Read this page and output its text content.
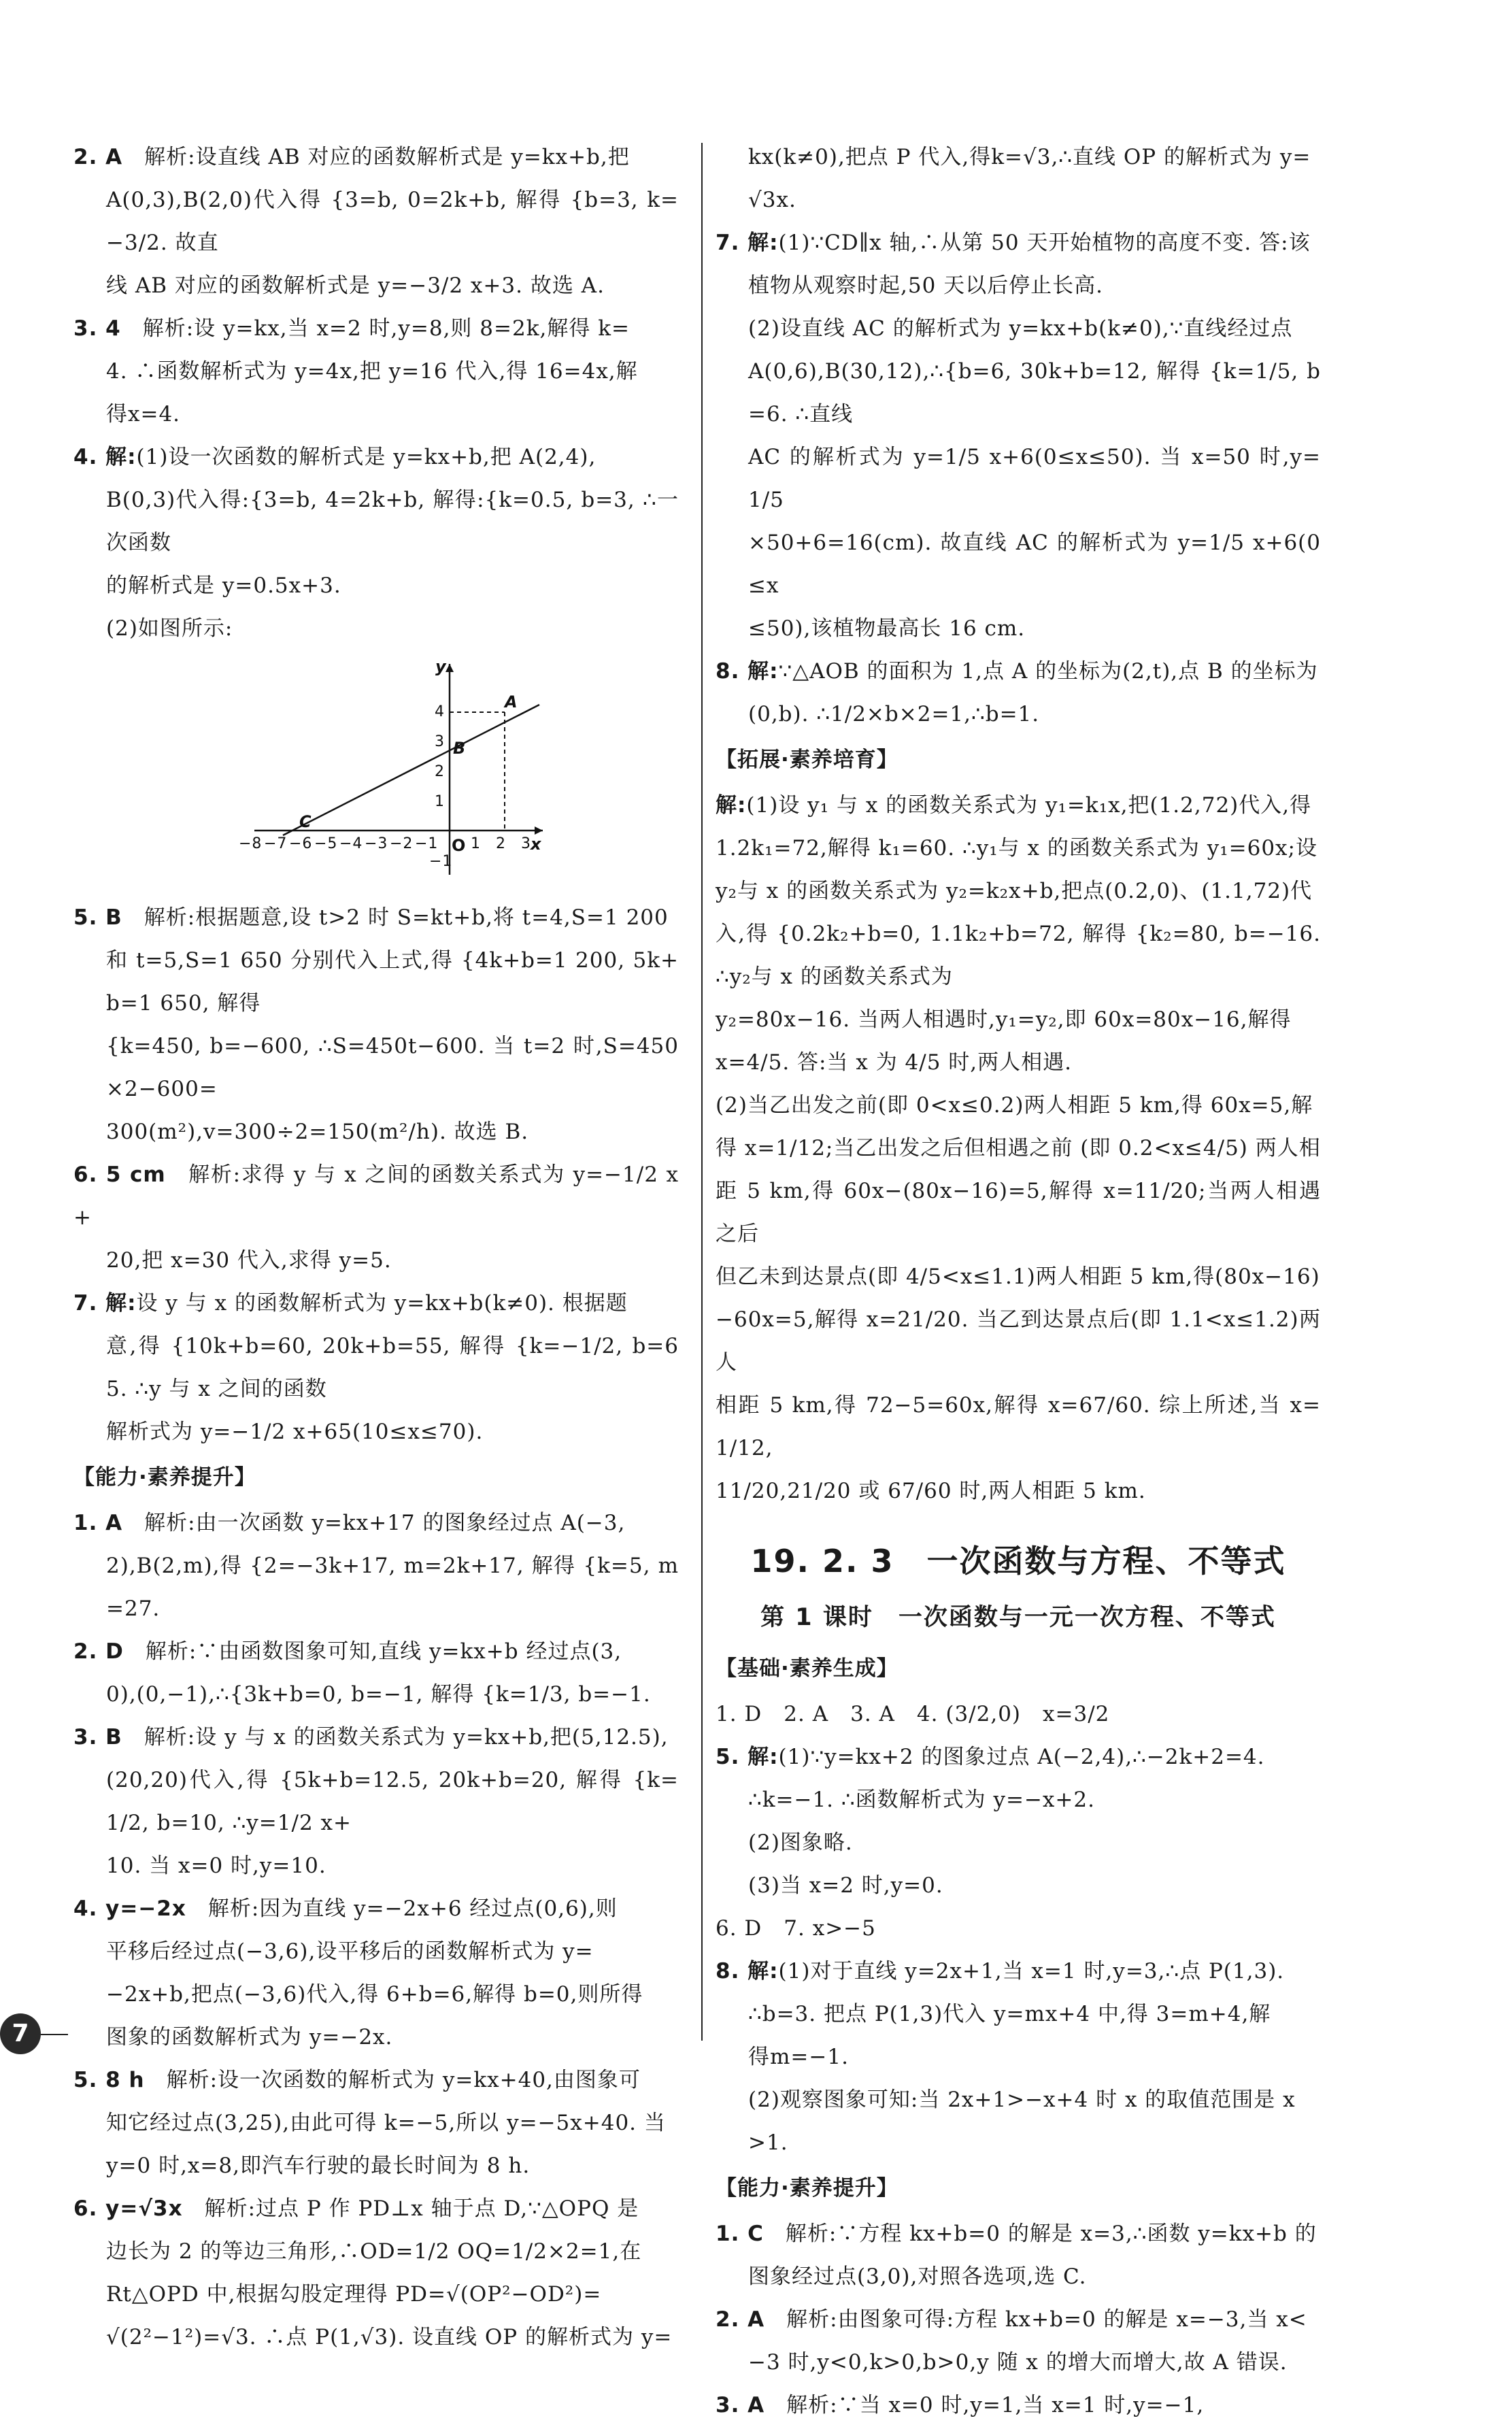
2. A　 解析:设直线 AB 对应的函数解析式是 y=kx+b,把

A(0,3),B(2,0)代入得 {3=b, 0=2k+b, 解得 {b=3, k=−3/2. 故直

线 AB 对应的函数解析式是 y=−3/2 x+3. 故选 A.

3. 4　 解析:设 y=kx,当 x=2 时,y=8,则 8=2k,解得 k=

4. ∴函数解析式为 y=4x,把 y=16 代入,得 16=4x,解

得x=4.

4. 解:(1)设一次函数的解析式是 y=kx+b,把 A(2,4),

B(0,3)代入得:{3=b, 4=2k+b, 解得:{k=0.5, b=3, ∴一次函数

的解析式是 y=0.5x+3.

(2)如图所示:

y
x
A
B
C
O
−8 −7 −6 −5 −4 −3 −2 −1 1 2 3
4
3
2
1
−1

5. B　 解析:根据题意,设 t>2 时 S=kt+b,将 t=4,S=1 200

和 t=5,S=1 650 分别代入上式,得 {4k+b=1 200, 5k+b=1 650, 解得

{k=450, b=−600, ∴S=450t−600. 当 t=2 时,S=450×2−600=

300(m²),v=300÷2=150(m²/h). 故选 B.

6. 5 cm　 解析:求得 y 与 x 之间的函数关系式为 y=−1/2 x+

20,把 x=30 代入,求得 y=5.

7. 解:设 y 与 x 的函数解析式为 y=kx+b(k≠0). 根据题

意,得 {10k+b=60, 20k+b=55, 解得 {k=−1/2, b=65. ∴y 与 x 之间的函数

解析式为 y=−1/2 x+65(10≤x≤70).

【能力·素养提升】

1. A　 解析:由一次函数 y=kx+17 的图象经过点 A(−3,

2),B(2,m),得 {2=−3k+17, m=2k+17, 解得 {k=5, m=27.

2. D　 解析:∵由函数图象可知,直线 y=kx+b 经过点(3,

0),(0,−1),∴{3k+b=0, b=−1, 解得 {k=1/3, b=−1.

3. B　 解析:设 y 与 x 的函数关系式为 y=kx+b,把(5,12.5),

(20,20)代入,得 {5k+b=12.5, 20k+b=20, 解得 {k=1/2, b=10, ∴y=1/2 x+

10. 当 x=0 时,y=10.

4. y=−2x　 解析:因为直线 y=−2x+6 经过点(0,6),则

平移后经过点(−3,6),设平移后的函数解析式为 y=

−2x+b,把点(−3,6)代入,得 6+b=6,解得 b=0,则所得

图象的函数解析式为 y=−2x.

5. 8 h　 解析:设一次函数的解析式为 y=kx+40,由图象可

知它经过点(3,25),由此可得 k=−5,所以 y=−5x+40. 当

y=0 时,x=8,即汽车行驶的最长时间为 8 h.

6. y=√3x　 解析:过点 P 作 PD⊥x 轴于点 D,∵△OPQ 是

边长为 2 的等边三角形,∴OD=1/2 OQ=1/2×2=1,在

Rt△OPD 中,根据勾股定理得 PD=√(OP²−OD²)=

√(2²−1²)=√3. ∴点 P(1,√3). 设直线 OP 的解析式为 y=

kx(k≠0),把点 P 代入,得k=√3,∴直线 OP 的解析式为 y=

√3x.

7. 解:(1)∵CD∥x 轴,∴从第 50 天开始植物的高度不变. 答:该

植物从观察时起,50 天以后停止长高.

(2)设直线 AC 的解析式为 y=kx+b(k≠0),∵直线经过点

A(0,6),B(30,12),∴{b=6, 30k+b=12, 解得 {k=1/5, b=6. ∴直线

AC 的解析式为 y=1/5 x+6(0≤x≤50). 当 x=50 时,y=1/5

×50+6=16(cm). 故直线 AC 的解析式为 y=1/5 x+6(0≤x

≤50),该植物最高长 16 cm.

8. 解:∵△AOB 的面积为 1,点 A 的坐标为(2,t),点 B 的坐标为

(0,b). ∴1/2×b×2=1,∴b=1.

【拓展·素养培育】

解:(1)设 y₁ 与 x 的函数关系式为 y₁=k₁x,把(1.2,72)代入,得

1.2k₁=72,解得 k₁=60. ∴y₁与 x 的函数关系式为 y₁=60x;设

y₂与 x 的函数关系式为 y₂=k₂x+b,把点(0.2,0)、(1.1,72)代

入,得 {0.2k₂+b=0, 1.1k₂+b=72, 解得 {k₂=80, b=−16. ∴y₂与 x 的函数关系式为

y₂=80x−16. 当两人相遇时,y₁=y₂,即 60x=80x−16,解得

x=4/5. 答:当 x 为 4/5 时,两人相遇.

(2)当乙出发之前(即 0<x≤0.2)两人相距 5 km,得 60x=5,解

得 x=1/12;当乙出发之后但相遇之前 (即 0.2<x≤4/5) 两人相

距 5 km,得 60x−(80x−16)=5,解得 x=11/20;当两人相遇之后

但乙未到达景点(即 4/5<x≤1.1)两人相距 5 km,得(80x−16)

−60x=5,解得 x=21/20. 当乙到达景点后(即 1.1<x≤1.2)两人

相距 5 km,得 72−5=60x,解得 x=67/60. 综上所述,当 x=1/12,

11/20,21/20 或 67/60 时,两人相距 5 km.

19. 2. 3　一次函数与方程、不等式

第 1 课时　一次函数与一元一次方程、不等式

【基础·素养生成】

1. D　2. A　3. A　4. (3/2,0)　x=3/2

5. 解:(1)∵y=kx+2 的图象过点 A(−2,4),∴−2k+2=4.

∴k=−1. ∴函数解析式为 y=−x+2.

(2)图象略.

(3)当 x=2 时,y=0.

6. D　7. x>−5

8. 解:(1)对于直线 y=2x+1,当 x=1 时,y=3,∴点 P(1,3).

∴b=3. 把点 P(1,3)代入 y=mx+4 中,得 3=m+4,解

得m=−1.

(2)观察图象可知:当 2x+1>−x+4 时 x 的取值范围是 x

>1.

【能力·素养提升】

1. C　 解析:∵方程 kx+b=0 的解是 x=3,∴函数 y=kx+b 的

图象经过点(3,0),对照各选项,选 C.

2. A　 解析:由图象可得:方程 kx+b=0 的解是 x=−3,当 x<

−3 时,y<0,k>0,b>0,y 随 x 的增大而增大,故 A 错误.

3. A　 解析:∵当 x=0 时,y=1,当 x=1 时,y=−1,

7
